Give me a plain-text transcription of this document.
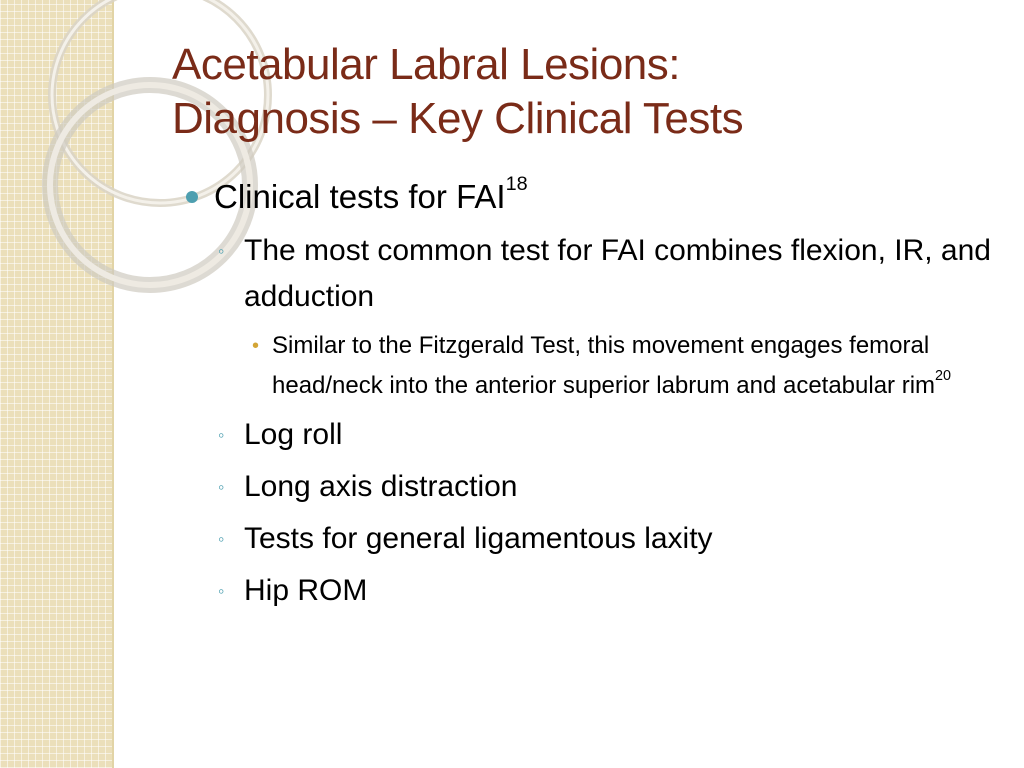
Acetabular Labral Lesions:
Diagnosis – Key Clinical Tests
Clinical tests for FAI$^{18}$
◦ The most common test for FAI combines flexion, IR, and adduction
• Similar to the Fitzgerald Test, this movement engages femoral head/neck into the anterior superior labrum and acetabular rim$^{20}$
◦ Log roll
◦ Long axis distraction
◦ Tests for general ligamentous laxity
◦ Hip ROM
